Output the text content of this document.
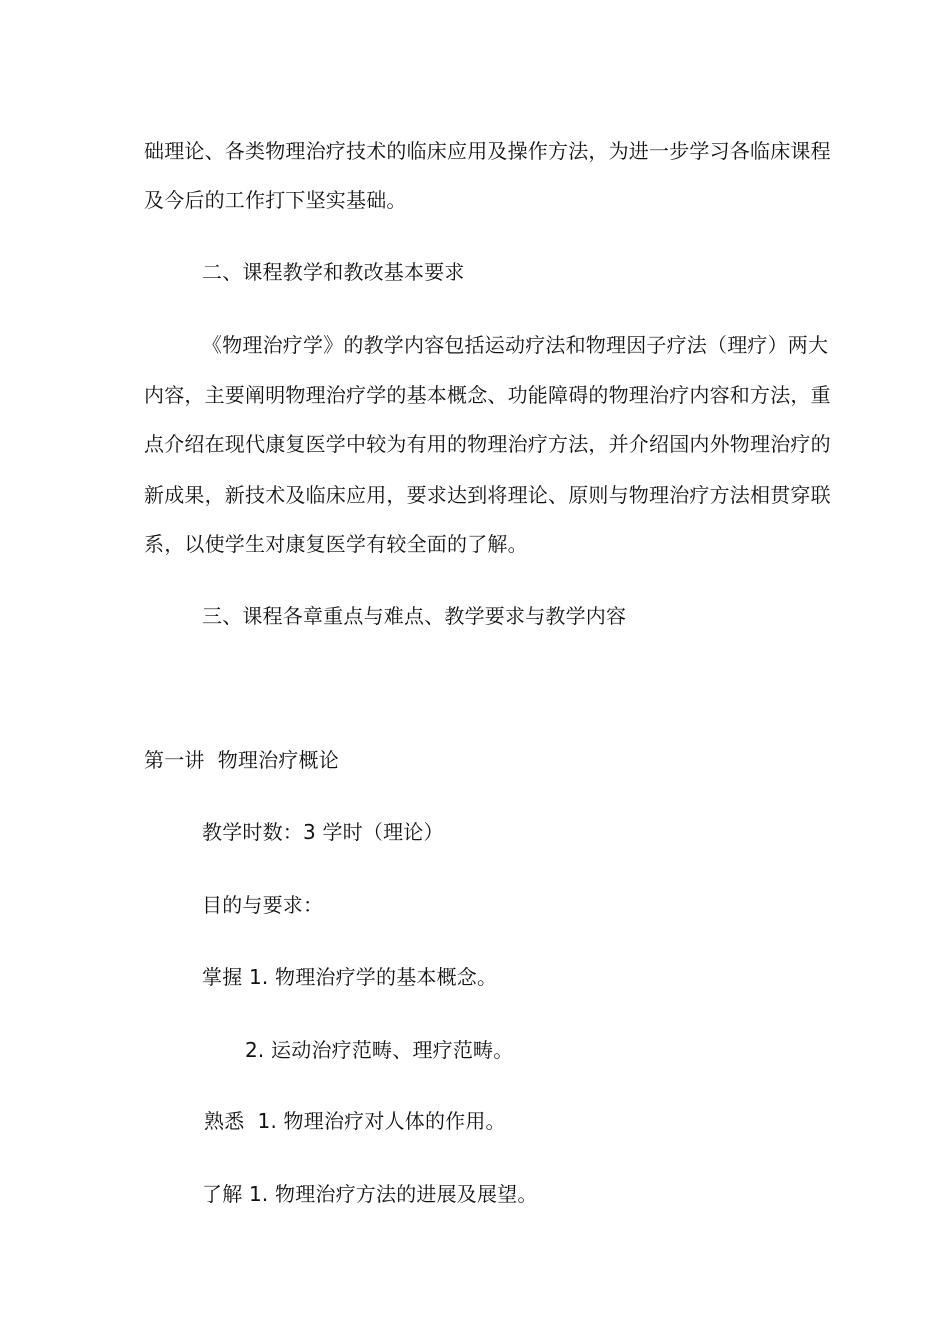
础理论、各类物理治疗技术的临床应用及操作方法，为进一步学习各临床课程
及今后的工作打下坚实基础。
二、课程教学和教改基本要求
《物理治疗学》的教学内容包括运动疗法和物理因子疗法（理疗）两大
内容，主要阐明物理治疗学的基本概念、功能障碍的物理治疗内容和方法，重
点介绍在现代康复医学中较为有用的物理治疗方法，并介绍国内外物理治疗的
新成果，新技术及临床应用，要求达到将理论、原则与物理治疗方法相贯穿联
系，以使学生对康复医学有较全面的了解。
三、课程各章重点与难点、教学要求与教学内容
第一讲  物理治疗概论
教学时数：3 学时（理论）
目的与要求：
掌握 1. 物理治疗学的基本概念。
2. 运动治疗范畴、理疗范畴。
熟悉  1. 物理治疗对人体的作用。
了解 1. 物理治疗方法的进展及展望。
